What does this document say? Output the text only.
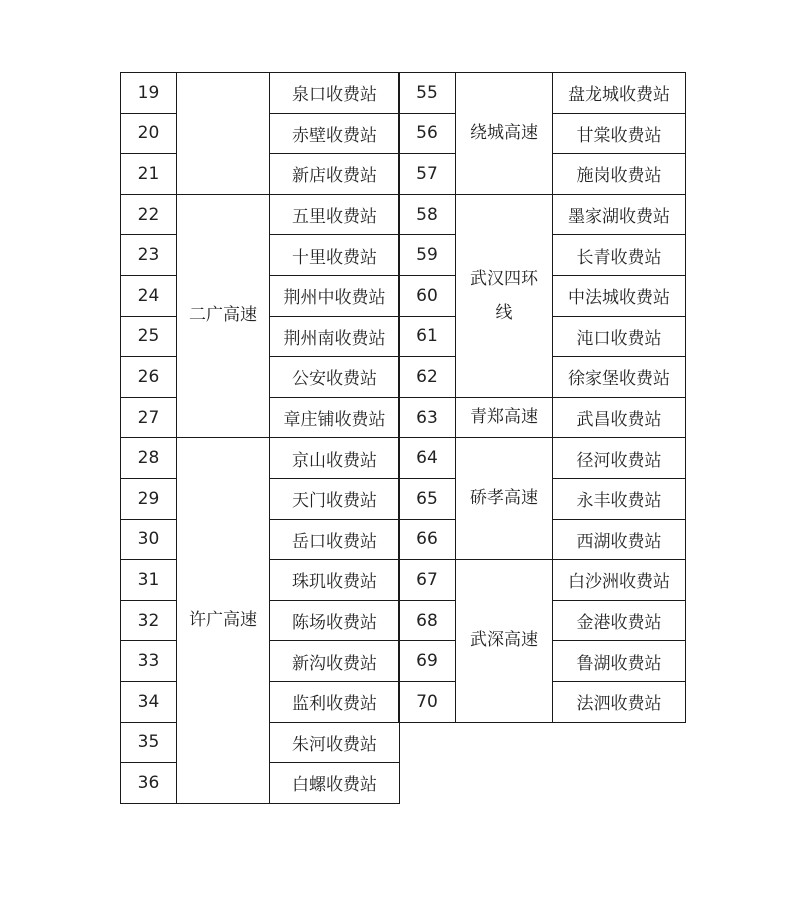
19		泉口收费站
20		赤壁收费站
21		新店收费站
22	二广高速	五里收费站
23		十里收费站
24		荆州中收费站
25		荆州南收费站
26		公安收费站
27		章庄铺收费站
28	许广高速	京山收费站
29		天门收费站
30		岳口收费站
31		珠玑收费站
32		陈场收费站
33		新沟收费站
34		监利收费站
35		朱河收费站
36		白螺收费站
55	绕城高速	盘龙城收费站
56		甘棠收费站
57		施岗收费站
58	武汉四环线	墨家湖收费站
59		长青收费站
60		中法城收费站
61		沌口收费站
62		徐家堡收费站
63	青郑高速	武昌收费站
64	硚孝高速	径河收费站
65		永丰收费站
66		西湖收费站
67	武深高速	白沙洲收费站
68		金港收费站
69		鲁湖收费站
70		法泗收费站
